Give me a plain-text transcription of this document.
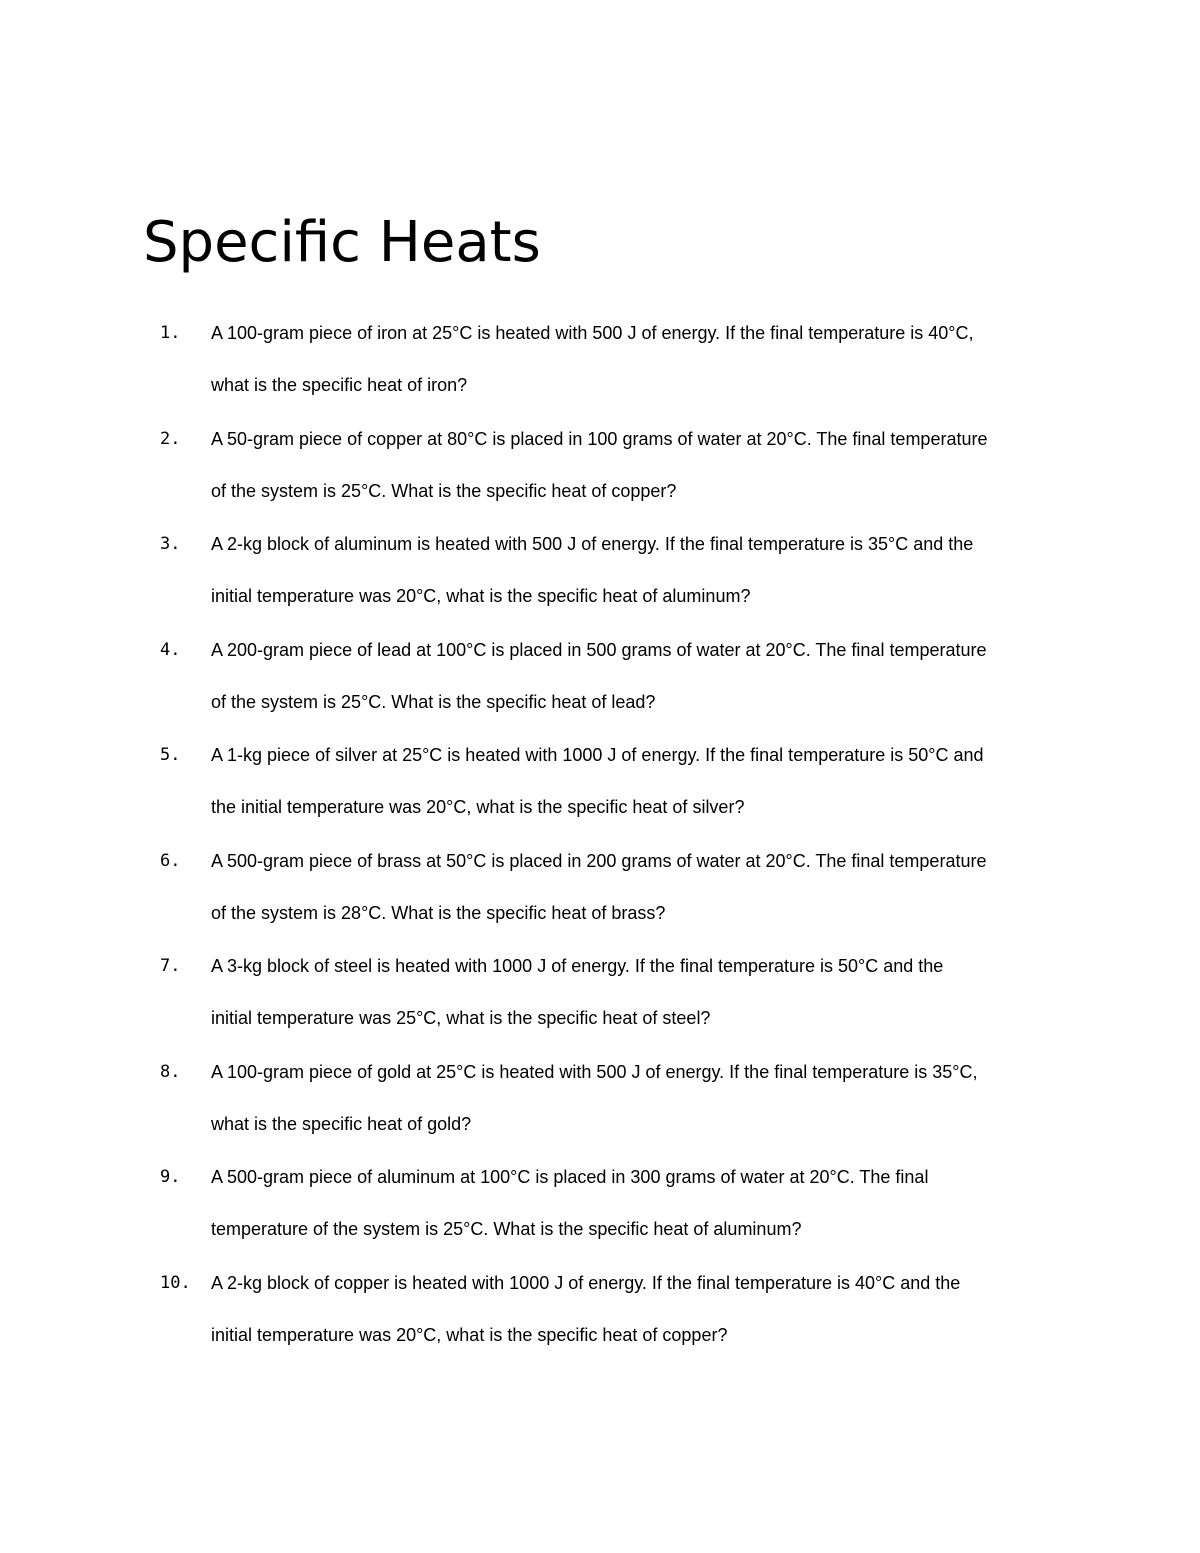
Specific Heats
1.	A 100-gram piece of iron at 25°C is heated with 500 J of energy. If the final temperature is 40°C,
what is the specific heat of iron?
2.	A 50-gram piece of copper at 80°C is placed in 100 grams of water at 20°C. The final temperature
of the system is 25°C. What is the specific heat of copper?
3.	A 2-kg block of aluminum is heated with 500 J of energy. If the final temperature is 35°C and the
initial temperature was 20°C, what is the specific heat of aluminum?
4.	A 200-gram piece of lead at 100°C is placed in 500 grams of water at 20°C. The final temperature
of the system is 25°C. What is the specific heat of lead?
5.	A 1-kg piece of silver at 25°C is heated with 1000 J of energy. If the final temperature is 50°C and
the initial temperature was 20°C, what is the specific heat of silver?
6.	A 500-gram piece of brass at 50°C is placed in 200 grams of water at 20°C. The final temperature
of the system is 28°C. What is the specific heat of brass?
7.	A 3-kg block of steel is heated with 1000 J of energy. If the final temperature is 50°C and the
initial temperature was 25°C, what is the specific heat of steel?
8.	A 100-gram piece of gold at 25°C is heated with 500 J of energy. If the final temperature is 35°C,
what is the specific heat of gold?
9.	A 500-gram piece of aluminum at 100°C is placed in 300 grams of water at 20°C. The final
temperature of the system is 25°C. What is the specific heat of aluminum?
10.	A 2-kg block of copper is heated with 1000 J of energy. If the final temperature is 40°C and the
initial temperature was 20°C, what is the specific heat of copper?
